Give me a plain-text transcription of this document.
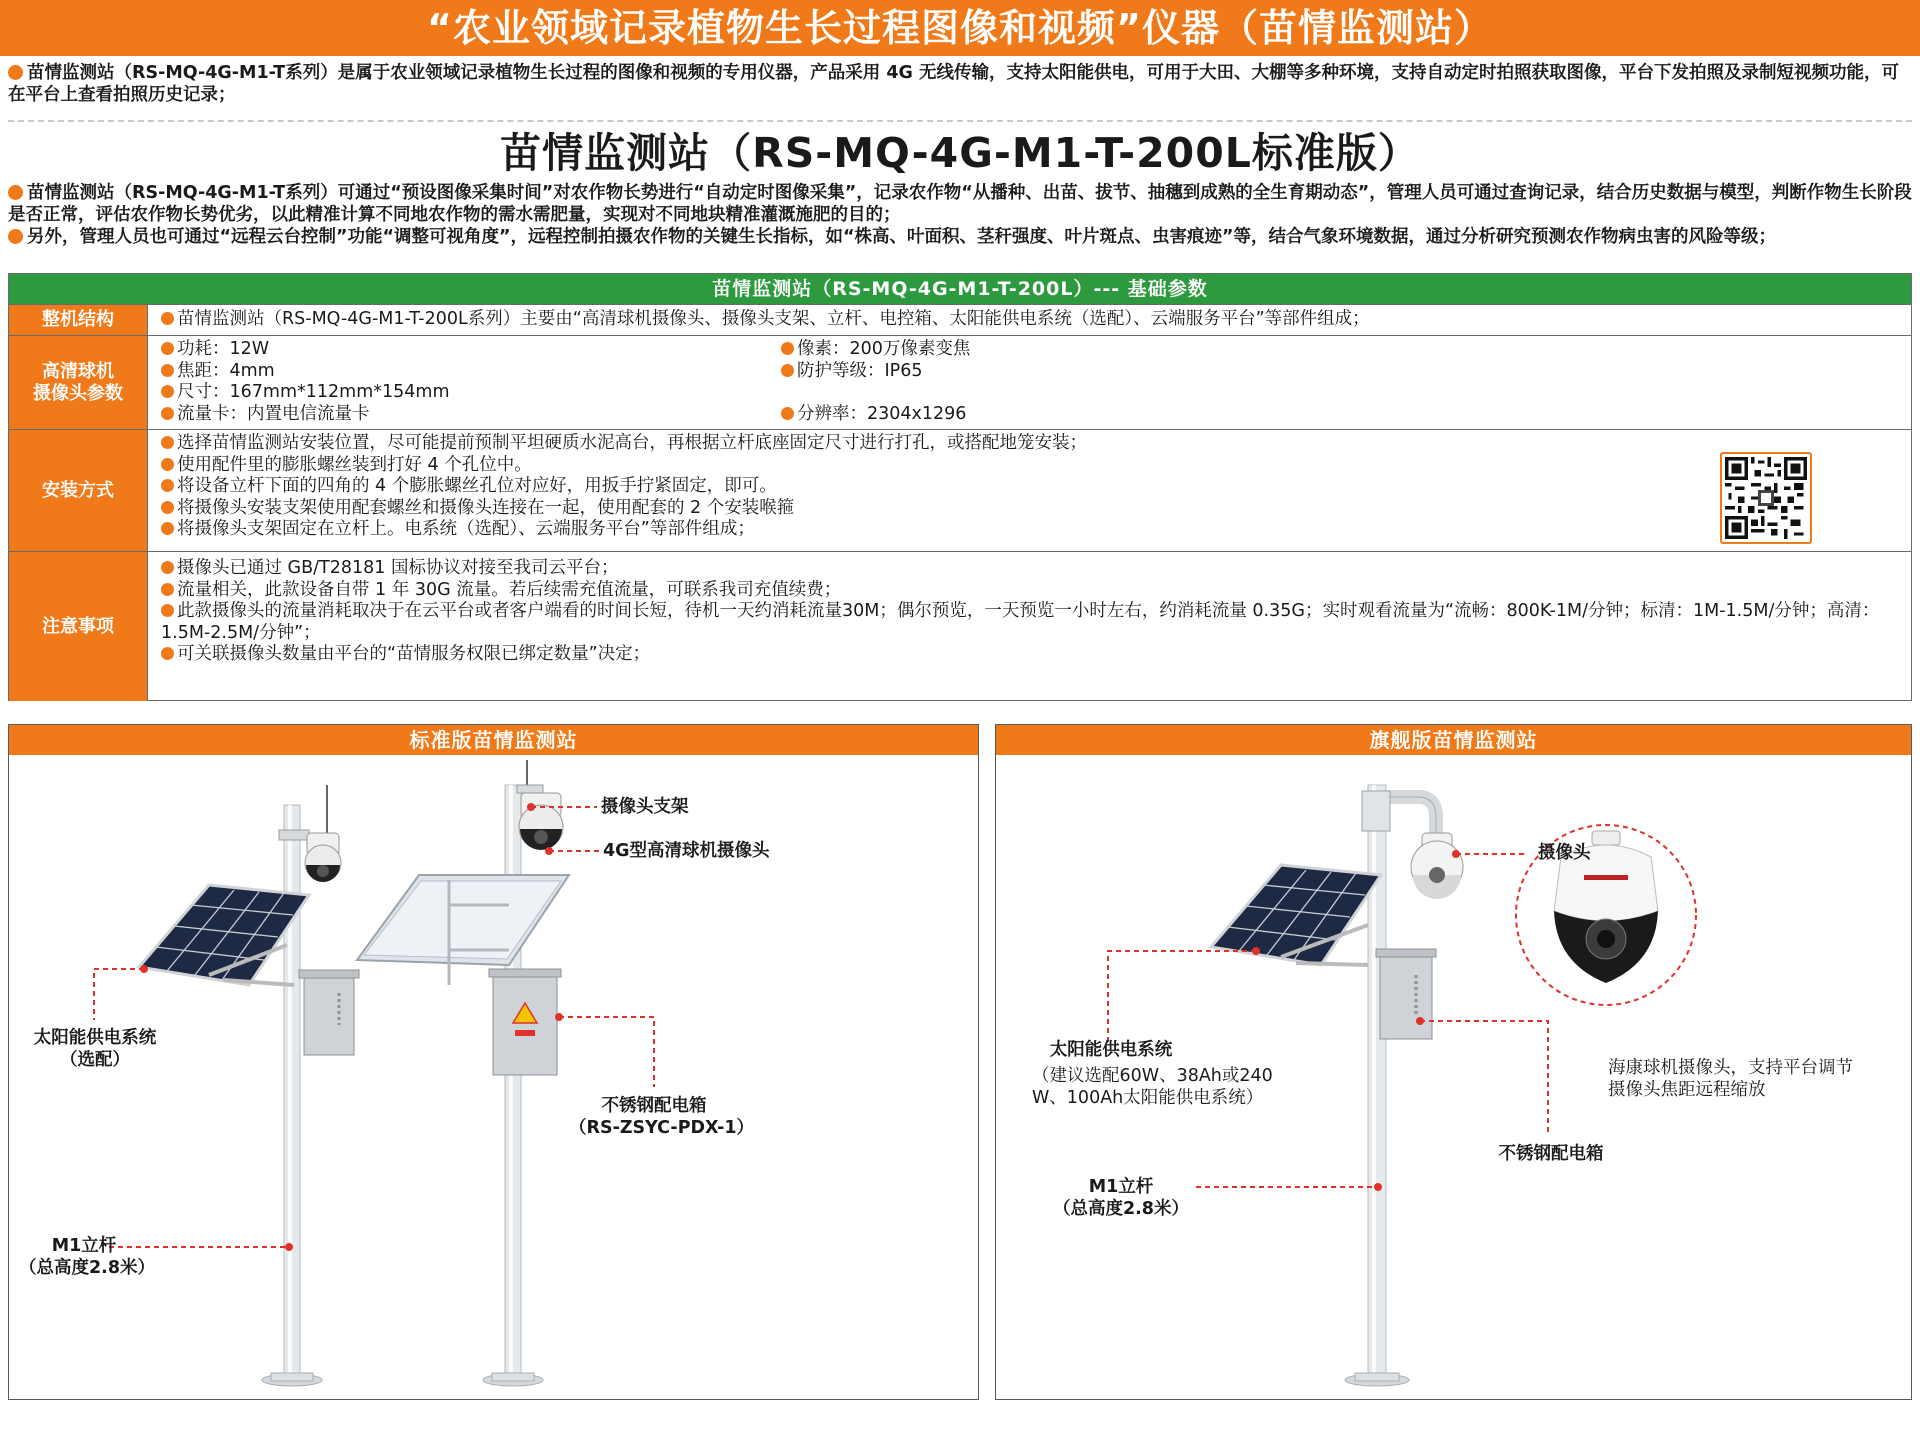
“农业领域记录植物生长过程图像和视频”仪器（苗情监测站）
苗情监测站（RS-MQ-4G-M1-T系列）是属于农业领域记录植物生长过程的图像和视频的专用仪器，产品采用 4G 无线传输，支持太阳能供电，可用于大田、大棚等多种环境，支持自动定时拍照获取图像，平台下发拍照及录制短视频功能，可在平台上查看拍照历史记录；
苗情监测站（RS-MQ-4G-M1-T-200L标准版）
苗情监测站（RS-MQ-4G-M1-T系列）可通过“预设图像采集时间”对农作物长势进行“自动定时图像采集”，记录农作物“从播种、出苗、拔节、抽穗到成熟的全生育期动态”，管理人员可通过查询记录，结合历史数据与模型，判断作物生长阶段是否正常，评估农作物长势优劣，以此精准计算不同地农作物的需水需肥量，实现对不同地块精准灌溉施肥的目的；
另外，管理人员也可通过“远程云台控制”功能“调整可视角度”，远程控制拍摄农作物的关键生长指标，如“株高、叶面积、茎秆强度、叶片斑点、虫害痕迹”等，结合气象环境数据，通过分析研究预测农作物病虫害的风险等级；
苗情监测站（RS-MQ-4G-M1-T-200L）--- 基础参数
整机结构	苗情监测站（RS-MQ-4G-M1-T-200L系列）主要由“高清球机摄像头、摄像头支架、立杆、电控箱、太阳能供电系统（选配）、云端服务平台”等部件组成；
高清球机
摄像头参数
功耗：12W
焦距：4mm
尺寸：167mm*112mm*154mm
流量卡：内置电信流量卡
像素：200万像素变焦
防护等级：IP65
分辨率：2304x1296
安装方式
选择苗情监测站安装位置，尽可能提前预制平坦硬质水泥高台，再根据立杆底座固定尺寸进行打孔，或搭配地笼安装；
使用配件里的膨胀螺丝装到打好 4 个孔位中。
将设备立杆下面的四角的 4 个膨胀螺丝孔位对应好，用扳手拧紧固定，即可。
将摄像头安装支架使用配套螺丝和摄像头连接在一起，使用配套的 2 个安装喉箍
将摄像头支架固定在立杆上。电系统（选配）、云端服务平台”等部件组成；
注意事项
摄像头已通过 GB/T28181 国标协议对接至我司云平台；
流量相关，此款设备自带 1 年 30G 流量。若后续需充值流量，可联系我司充值续费；
此款摄像头的流量消耗取决于在云平台或者客户端看的时间长短，待机一天约消耗流量30M；偶尔预览，一天预览一小时左右，约消耗流量 0.35G；实时观看流量为“流畅：800K-1M/分钟；标清：1M-1.5M/分钟；高清：1.5M-2.5M/分钟”；
可关联摄像头数量由平台的“苗情服务权限已绑定数量”决定；
标准版苗情监测站
太阳能供电系统
（选配）
M1立杆
（总高度2.8米）
摄像头支架
4G型高清球机摄像头
不锈钢配电箱
（RS-ZSYC-PDX-1）
旗舰版苗情监测站
摄像头
太阳能供电系统
（建议选配60W、38Ah或240
W、100Ah太阳能供电系统）
不锈钢配电箱
M1立杆
（总高度2.8米）
海康球机摄像头，支持平台调节
摄像头焦距远程缩放
